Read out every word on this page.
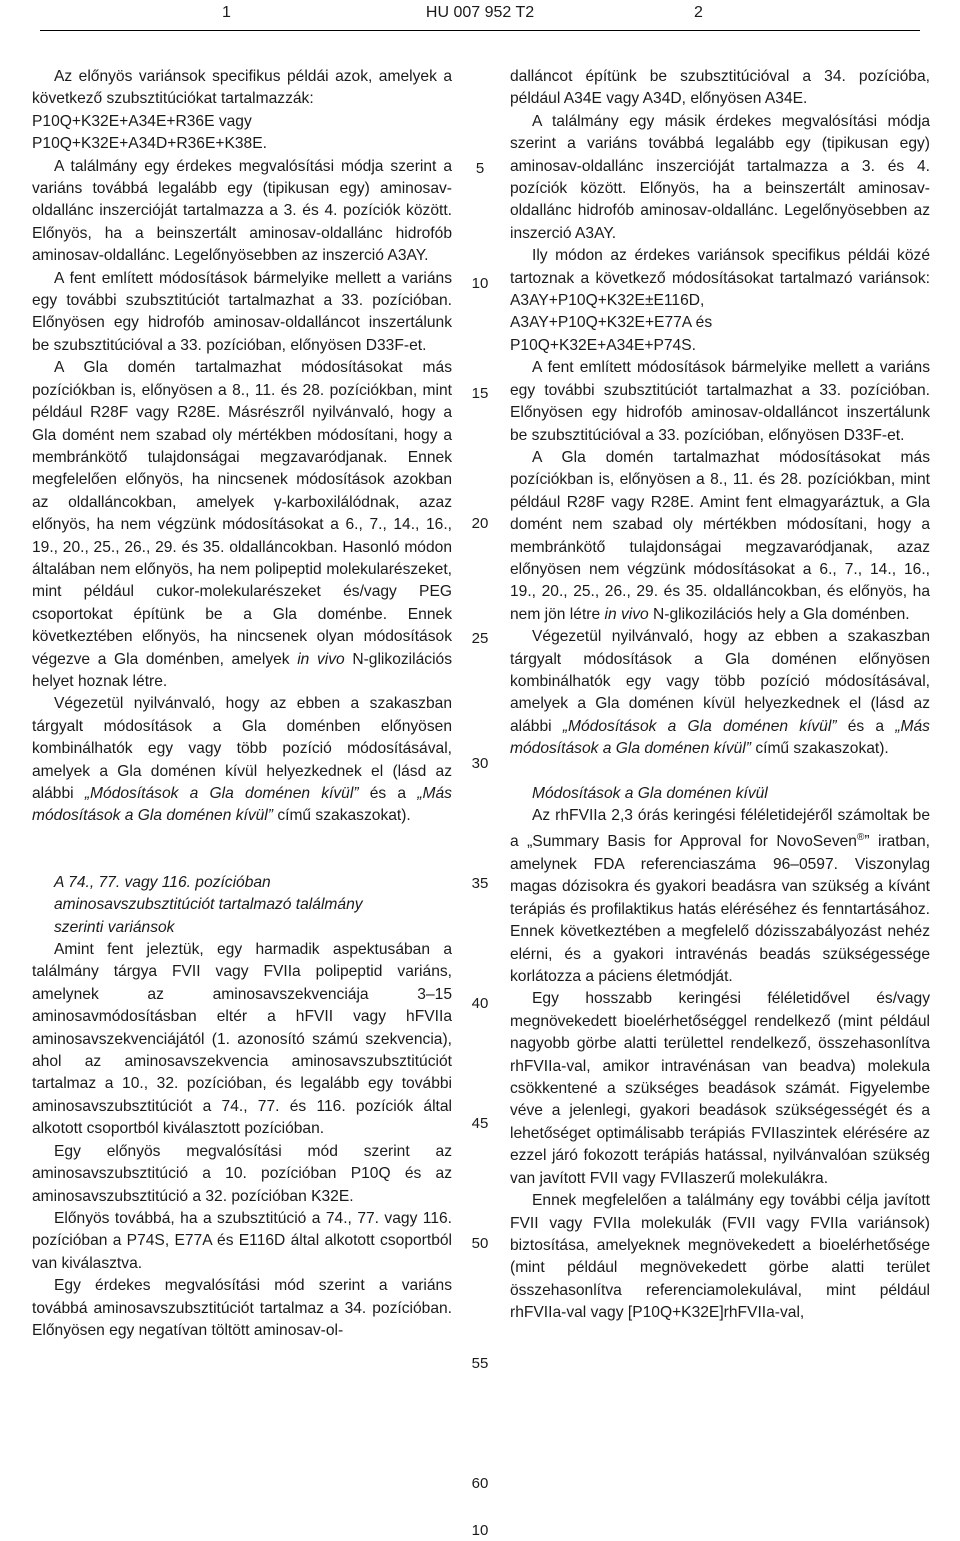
1	HU 007 952 T2	2

Az előnyös variánsok specifikus példái azok, amelyek a következő szubsztitúciókat tartalmazzák:

P10Q+K32E+A34E+R36E vagy

P10Q+K32E+A34D+R36E+K38E.

A találmány egy érdekes megvalósítási módja szerint a variáns továbbá legalább egy (tipikusan egy) aminosav-oldallánc inszercióját tartalmazza a 3. és 4. pozíciók között. Előnyös, ha a beinszertált aminosav-oldallánc hidrofób aminosav-oldallánc. Legelőnyösebben az inszerció A3AY.

A fent említett módosítások bármelyike mellett a variáns egy további szubsztitúciót tartalmazhat a 33. pozícióban. Előnyösen egy hidrofób aminosav-oldalláncot inszertálunk be szubsztitúcióval a 33. pozícióban, előnyösen D33F-et.

A Gla domén tartalmazhat módosításokat más pozíciókban is, előnyösen a 8., 11. és 28. pozíciókban, mint például R28F vagy R28E. Másrészről nyilvánvaló, hogy a Gla domént nem szabad oly mértékben módosítani, hogy a membránkötő tulajdonságai megzavaródjanak. Ennek megfelelően előnyös, ha nincsenek módosítások azokban az oldalláncokban, amelyek γ-karboxilálódnak, azaz előnyös, ha nem végzünk módosításokat a 6., 7., 14., 16., 19., 20., 25., 26., 29. és 35. oldalláncokban. Hasonló módon általában nem előnyös, ha nem polipeptid molekularészeket, mint például cukor-molekularészeket és/vagy PEG csoportokat építünk be a Gla doménbe. Ennek következtében előnyös, ha nincsenek olyan módosítások végezve a Gla doménben, amelyek in vivo N-glikozilációs helyet hoznak létre.

Végezetül nyilvánvaló, hogy az ebben a szakaszban tárgyalt módosítások a Gla doménben előnyösen kombinálhatók egy vagy több pozíció módosításával, amelyek a Gla doménen kívül helyezkednek el (lásd az alábbi „Módosítások a Gla doménen kívül” és a „Más módosítások a Gla doménen kívül” című szakaszokat).

A 74., 77. vagy 116. pozícióban

aminosavszubsztitúciót tartalmazó találmány

szerinti variánsok

Amint fent jeleztük, egy harmadik aspektusában a találmány tárgya FVII vagy FVIIa polipeptid variáns, amelynek az aminosavszekvenciája 3–15 aminosavmódosításban eltér a hFVII vagy hFVIIa aminosavszekvenciájától (1. azonosító számú szekvencia), ahol az aminosavszekvencia aminosavszubsztitúciót tartalmaz a 10., 32. pozícióban, és legalább egy további aminosavszubsztitúciót a 74., 77. és 116. pozíciók által alkotott csoportból kiválasztott pozícióban.

Egy előnyös megvalósítási mód szerint az aminosavszubsztitúció a 10. pozícióban P10Q és az aminosavszubsztitúció a 32. pozícióban K32E.

Előnyös továbbá, ha a szubsztitúció a 74., 77. vagy 116. pozícióban a P74S, E77A és E116D által alkotott csoportból van kiválasztva.

Egy érdekes megvalósítási mód szerint a variáns továbbá aminosavszubsztitúciót tartalmaz a 34. pozícióban. Előnyösen egy negatívan töltött aminosav-ol-

5
10
15
20
25
30
35
40
45
50
55
60

dalláncot építünk be szubsztitúcióval a 34. pozícióba, például A34E vagy A34D, előnyösen A34E.

A találmány egy másik érdekes megvalósítási módja szerint a variáns továbbá legalább egy (tipikusan egy) aminosav-oldallánc inszercióját tartalmazza a 3. és 4. pozíciók között. Előnyös, ha a beinszertált aminosav-oldallánc hidrofób aminosav-oldallánc. Legelőnyösebben az inszerció A3AY.

Ily módon az érdekes variánsok specifikus példái közé tartoznak a következő módosításokat tartalmazó variánsok: A3AY+P10Q+K32E±E116D,

A3AY+P10Q+K32E+E77A és

P10Q+K32E+A34E+P74S.

A fent említett módosítások bármelyike mellett a variáns egy további szubsztitúciót tartalmazhat a 33. pozícióban. Előnyösen egy hidrofób aminosav-oldalláncot inszertálunk be szubsztitúcióval a 33. pozícióban, előnyösen D33F-et.

A Gla domén tartalmazhat módosításokat más pozíciókban is, előnyösen a 8., 11. és 28. pozíciókban, mint például R28F vagy R28E. Amint fent elmagyaráztuk, a Gla domént nem szabad oly mértékben módosítani, hogy a membránkötő tulajdonságai megzavaródjanak, azaz előnyösen nem végzünk módosításokat a 6., 7., 14., 16., 19., 20., 25., 26., 29. és 35. oldalláncokban, és előnyös, ha nem jön létre in vivo N-glikozilációs hely a Gla doménben.

Végezetül nyilvánvaló, hogy az ebben a szakaszban tárgyalt módosítások a Gla doménen előnyösen kombinálhatók egy vagy több pozíció módosításával, amelyek a Gla doménen kívül helyezkednek el (lásd az alábbi „Módosítások a Gla doménen kívül” és a „Más módosítások a Gla doménen kívül” című szakaszokat).

Módosítások a Gla doménen kívül

Az rhFVIIa 2,3 órás keringési féléletidejéről számoltak be a „Summary Basis for Approval for NovoSeven®” iratban, amelynek FDA referenciaszáma 96–0597. Viszonylag magas dózisokra és gyakori beadásra van szükség a kívánt terápiás és profilaktikus hatás eléréséhez és fenntartásához. Ennek következtében a megfelelő dózisszabályozást nehéz elérni, és a gyakori intravénás beadás szükségessége korlátozza a páciens életmódját.

Egy hosszabb keringési féléletidővel és/vagy megnövekedett bioelérhetőséggel rendelkező (mint például nagyobb görbe alatti területtel rendelkező, összehasonlítva rhFVIIa-val, amikor intravénásan van beadva) molekula csökkentené a szükséges beadások számát. Figyelembe véve a jelenlegi, gyakori beadások szükségességét és a lehetőséget optimálisabb terápiás FVIIaszintek elérésére az ezzel járó fokozott terápiás hatással, nyilvánvalóan szükség van javított FVII vagy FVIIaszerű molekulákra.

Ennek megfelelően a találmány egy további célja javított FVII vagy FVIIa molekulák (FVII vagy FVIIa variánsok) biztosítása, amelyeknek megnövekedett a bioelérhetősége (mint például megnövekedett görbe alatti terület összehasonlítva referenciamolekulával, mint például rhFVIIa-val vagy [P10Q+K32E]rhFVIIa-val,

10
